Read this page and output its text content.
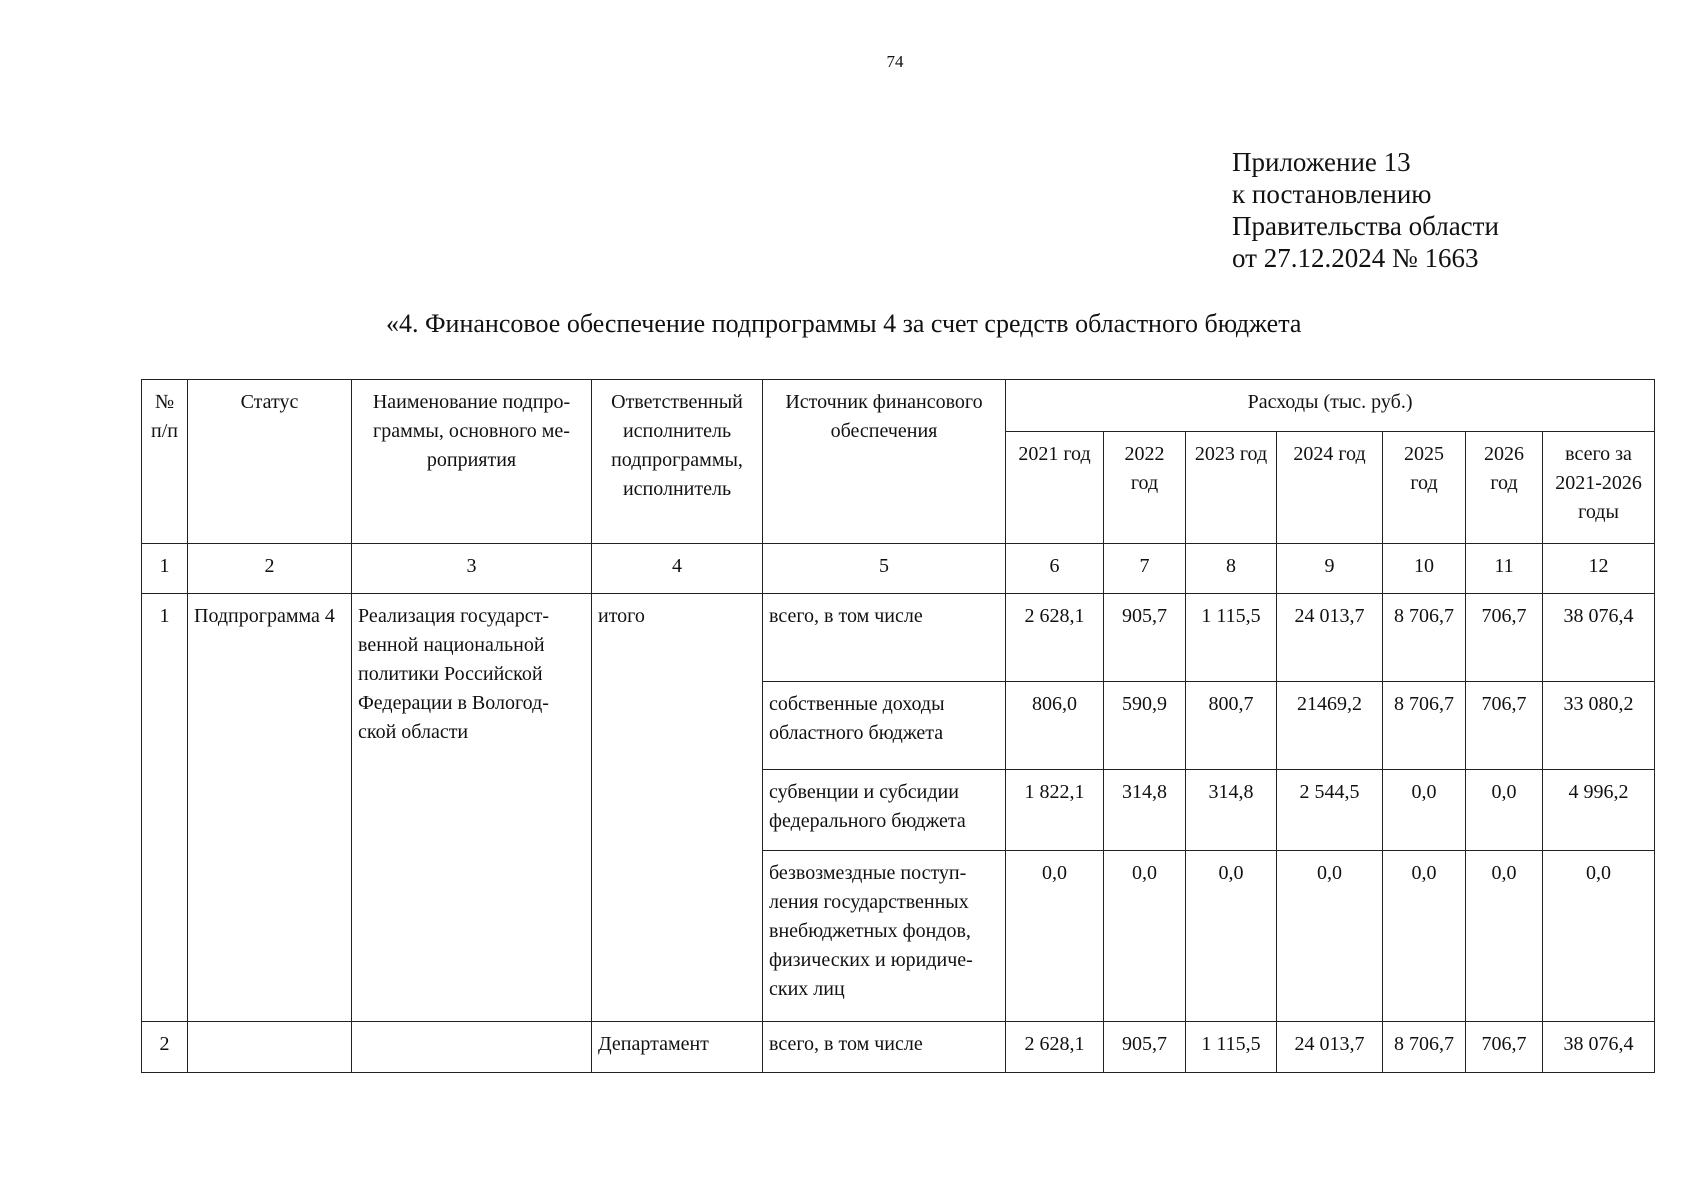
74
Приложение 13
к постановлению
Правительства области
от 27.12.2024 № 1663
«4. Финансовое обеспечение подпрограммы 4 за счет средств областного бюджета
№ п/п	Статус	Наименование подпро-граммы, основного ме-роприятия	Ответственный исполнитель подпрограммы, исполнитель	Источник финансового обеспечения	Расходы (тыс. руб.)						
					2021 год	2022 год	2023 год	2024 год	2025 год	2026 год	всего за 2021-2026 годы
1	2	3	4	5	6	7	8	9	10	11	12
1	Подпрограмма 4	Реализация государст-венной национальной политики Российской Федерации в Вологод-ской области	итого	всего, в том числе	2 628,1	905,7	1 115,5	24 013,7	8 706,7	706,7	38 076,4
				собственные доходы областного бюджета	806,0	590,9	800,7	21469,2	8 706,7	706,7	33 080,2
				субвенции и субсидии федерального бюджета	1 822,1	314,8	314,8	2 544,5	0,0	0,0	4 996,2
				безвозмездные поступ-ления государственных внебюджетных фондов, физических и юридиче-ских лиц	0,0	0,0	0,0	0,0	0,0	0,0	0,0
2			Департамент	всего, в том числе	2 628,1	905,7	1 115,5	24 013,7	8 706,7	706,7	38 076,4
